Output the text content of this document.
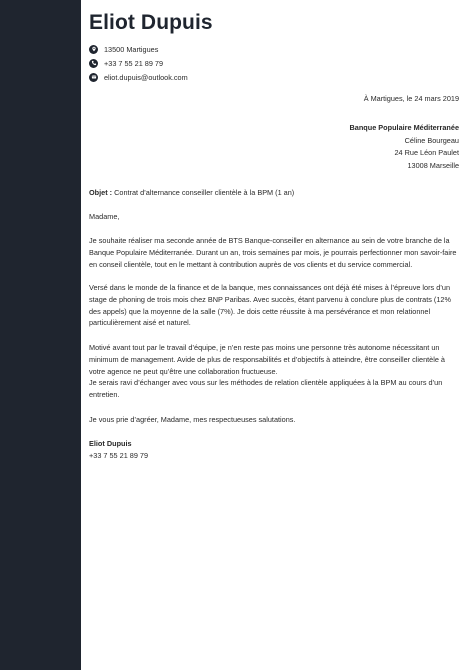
Eliot Dupuis
13500 Martigues
+33 7 55 21 89 79
eliot.dupuis@outlook.com
À Martigues, le 24 mars 2019
Banque Populaire Méditerranée
Céline Bourgeau
24 Rue Léon Paulet
13008 Marseille
Objet : Contrat d’alternance conseiller clientèle à la BPM (1 an)
Madame,

Je souhaite réaliser ma seconde année de BTS Banque-conseiller en alternance au sein de votre branche de la Banque Populaire Méditerranée. Durant un an, trois semaines par mois, je pourrais perfectionner mon savoir-faire en conseil clientèle, tout en le mettant à contribution auprès de vos clients et du service commercial.

Versé dans le monde de la finance et de la banque, mes connaissances ont déjà été mises à l’épreuve lors d’un stage de phoning de trois mois chez BNP Paribas. Avec succès, étant parvenu à conclure plus de contrats (12% des appels) que la moyenne de la salle (7%). Je dois cette réussite à ma persévérance et mon relationnel particulièrement aisé et naturel.

Motivé avant tout par le travail d’équipe, je n’en reste pas moins une personne très autonome nécessitant un minimum de management. Avide de plus de responsabilités et d’objectifs à atteindre, être conseiller clientèle à votre agence ne peut qu’être une collaboration fructueuse.

Je serais ravi d’échanger avec vous sur les méthodes de relation clientèle appliquées à la BPM au cours d’un entretien.

Je vous prie d’agréer, Madame, mes respectueuses salutations.
Eliot Dupuis
+33 7 55 21 89 79
